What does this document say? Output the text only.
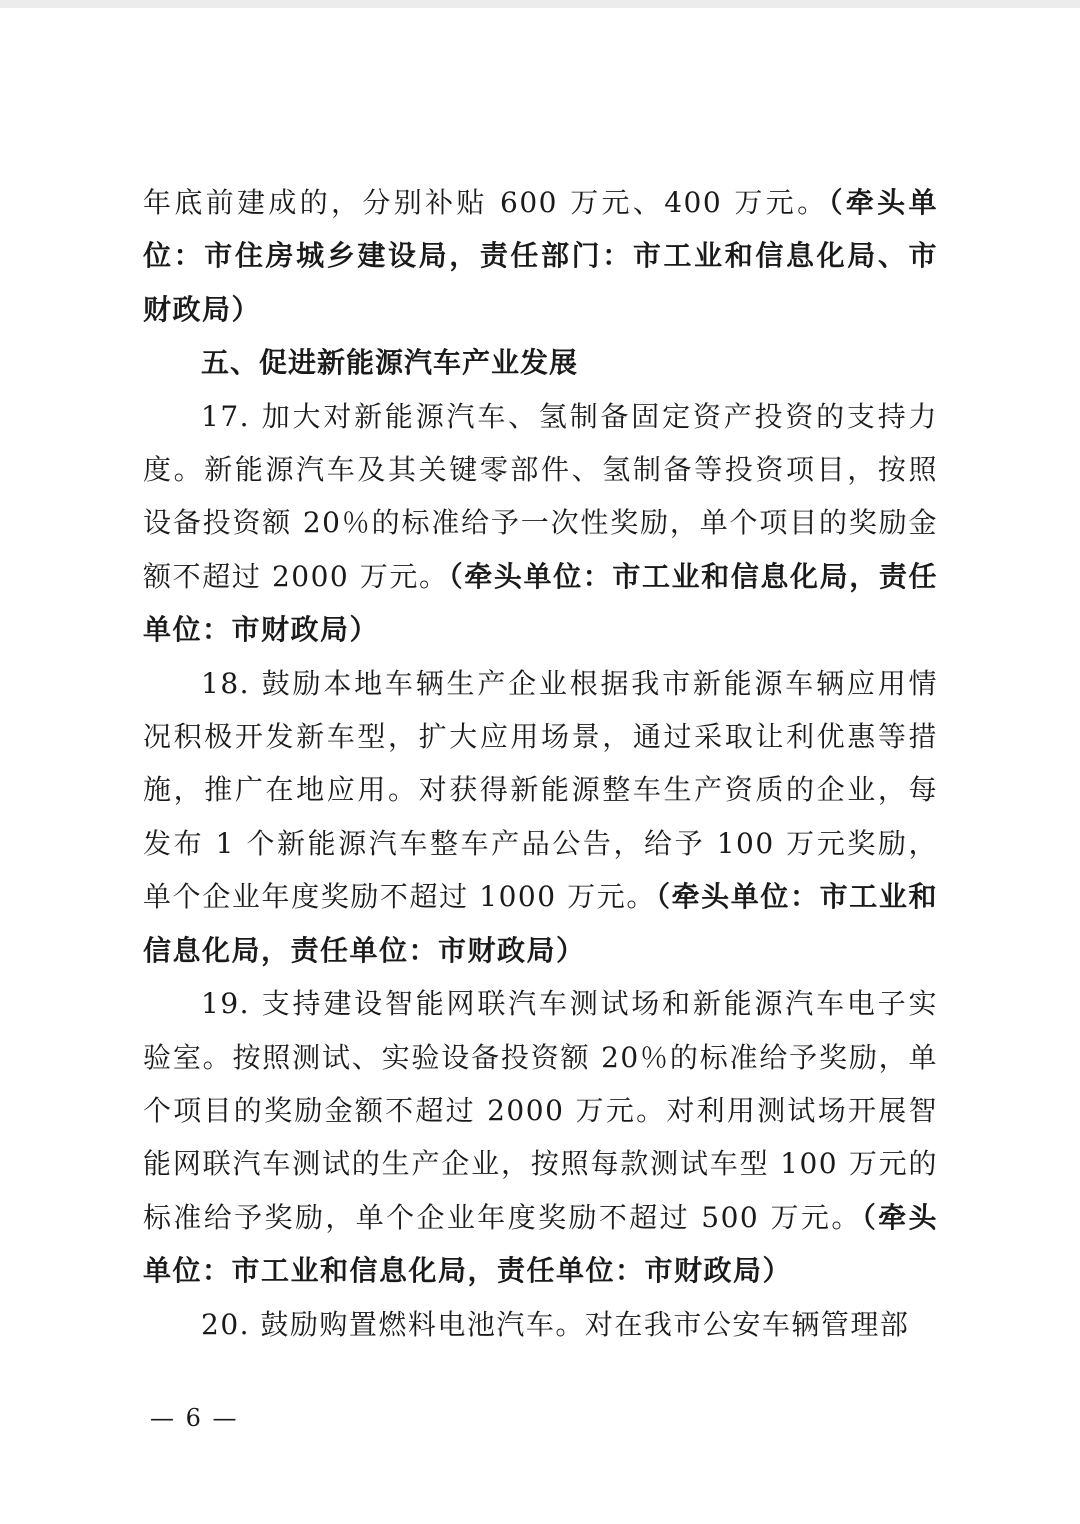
年底前建成的，分别补贴 600 万元、400 万元。（牵头单位：市住房城乡建设局，责任部门：市工业和信息化局、市财政局）

五、促进新能源汽车产业发展

17. 加大对新能源汽车、氢制备固定资产投资的支持力度。新能源汽车及其关键零部件、氢制备等投资项目，按照设备投资额 20％的标准给予一次性奖励，单个项目的奖励金额不超过 2000 万元。（牵头单位：市工业和信息化局，责任单位：市财政局）

18. 鼓励本地车辆生产企业根据我市新能源车辆应用情况积极开发新车型，扩大应用场景，通过采取让利优惠等措施，推广在地应用。对获得新能源整车生产资质的企业，每发布 1 个新能源汽车整车产品公告，给予 100 万元奖励，单个企业年度奖励不超过 1000 万元。（牵头单位：市工业和信息化局，责任单位：市财政局）

19. 支持建设智能网联汽车测试场和新能源汽车电子实验室。按照测试、实验设备投资额 20％的标准给予奖励，单个项目的奖励金额不超过 2000 万元。对利用测试场开展智能网联汽车测试的生产企业，按照每款测试车型 100 万元的标准给予奖励，单个企业年度奖励不超过 500 万元。（牵头单位：市工业和信息化局，责任单位：市财政局）

20. 鼓励购置燃料电池汽车。对在我市公安车辆管理部

— 6 —
